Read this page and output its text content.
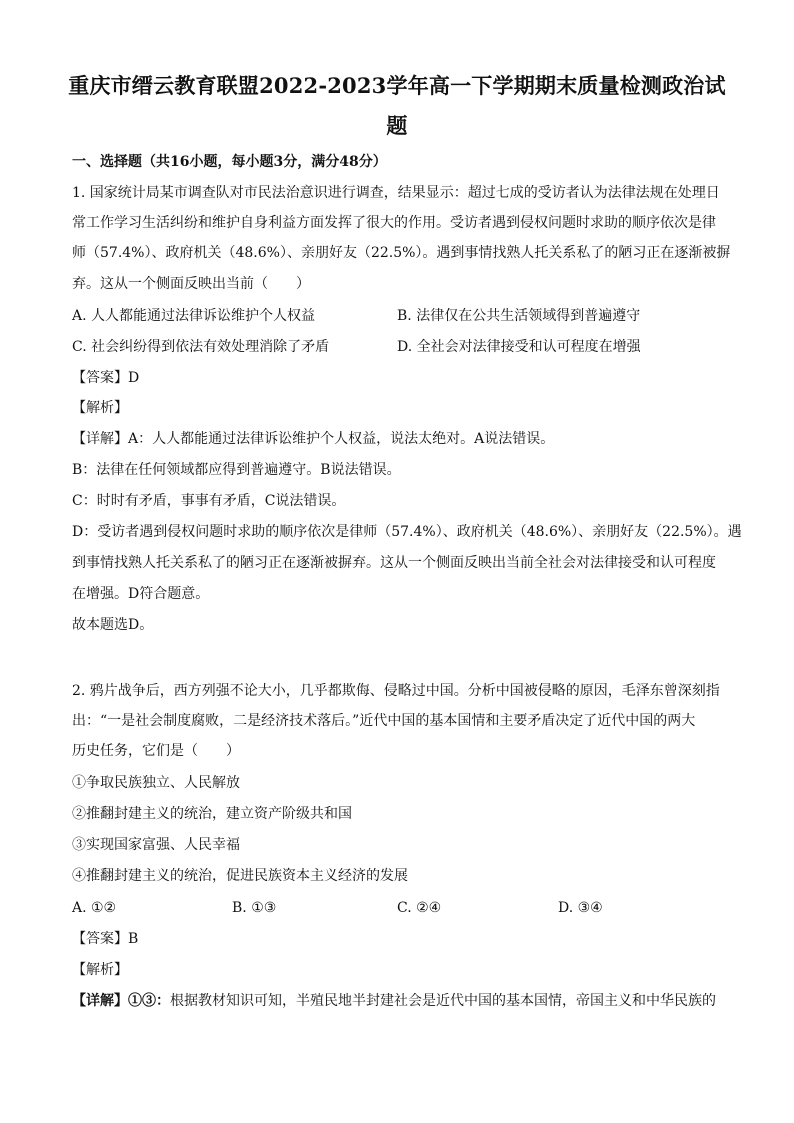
重庆市缙云教育联盟2022-2023学年高一下学期期末质量检测政治试
题
一、选择题（共16小题，每小题3分，满分48分）
1. 国家统计局某市调查队对市民法治意识进行调查，结果显示：超过七成的受访者认为法律法规在处理日
常工作学习生活纠纷和维护自身利益方面发挥了很大的作用。受访者遇到侵权问题时求助的顺序依次是律
师（57.4%）、政府机关（48.6%）、亲朋好友（22.5%）。遇到事情找熟人托关系私了的陋习正在逐渐被摒
弃。这从一个侧面反映出当前（　　）
A. 人人都能通过法律诉讼维护个人权益	B. 法律仅在公共生活领域得到普遍遵守
C. 社会纠纷得到依法有效处理消除了矛盾	D. 全社会对法律接受和认可程度在增强
【答案】D
【解析】
【详解】A：人人都能通过法律诉讼维护个人权益，说法太绝对。A说法错误。
B：法律在任何领域都应得到普遍遵守。B说法错误。
C：时时有矛盾，事事有矛盾，C说法错误。
D：受访者遇到侵权问题时求助的顺序依次是律师（57.4%）、政府机关（48.6%）、亲朋好友（22.5%）。遇
到事情找熟人托关系私了的陋习正在逐渐被摒弃。这从一个侧面反映出当前全社会对法律接受和认可程度
在增强。D符合题意。
故本题选D。
2. 鸦片战争后，西方列强不论大小，几乎都欺侮、侵略过中国。分析中国被侵略的原因，毛泽东曾深刻指
出：“一是社会制度腐败，二是经济技术落后。”近代中国的基本国情和主要矛盾决定了近代中国的两大
历史任务，它们是（　　）
①争取民族独立、人民解放
②推翻封建主义的统治，建立资产阶级共和国
③实现国家富强、人民幸福
④推翻封建主义的统治，促进民族资本主义经济的发展
A. ①②	B. ①③	C. ②④	D. ③④
【答案】B
【解析】
【详解】①③：根据教材知识可知，半殖民地半封建社会是近代中国的基本国情，帝国主义和中华民族的
